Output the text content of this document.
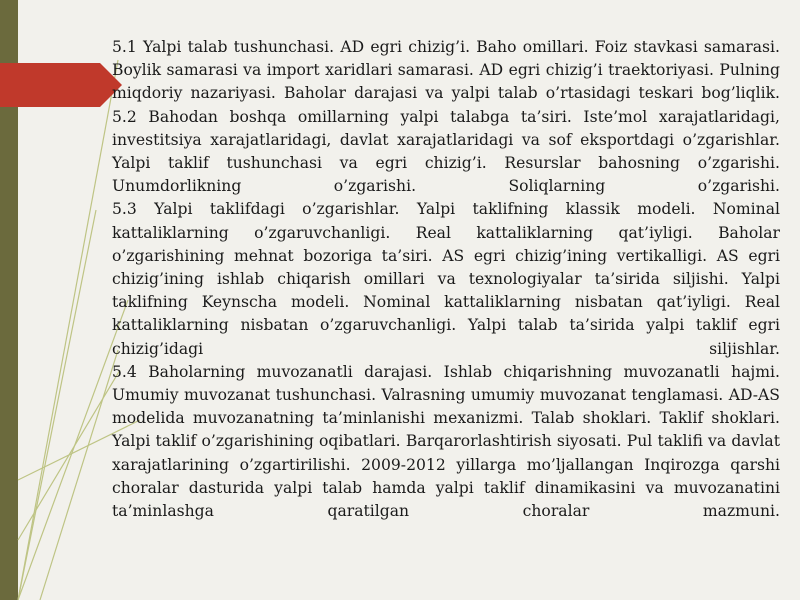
5.1 Yalpi talab tushunchasi. AD egri chizig’i. Baho omillari. Foiz stavkasi samarasi. Boylik samarasi va import xaridlari samarasi. AD egri chizig’i traektoriyasi. Pulning miqdoriy nazariyasi. Baholar darajasi va yalpi talab o’rtasidagi teskari bog’liqlik.

5.2 Bahodan boshqa omillarning yalpi talabga ta’siri. Iste’mol xarajatlaridagi, investitsiya xarajatlaridagi, davlat xarajatlaridagi va sof eksportdagi o’zgarishlar. Yalpi taklif tushunchasi va egri chizig’i. Resurslar bahosning o’zgarishi. Unumdorlikning o’zgarishi. Soliqlarning o’zgarishi.

5.3 Yalpi taklifdagi o’zgarishlar. Yalpi taklifning klassik modeli. Nominal kattaliklarning o’zgaruvchanligi. Real kattaliklarning qat’iyligi. Baholar o’zgarishining mehnat bozoriga ta’siri. AS egri chizig’ining vertikalligi. AS egri chizig’ining ishlab chiqarish omillari va texnologiyalar ta’sirida siljishi. Yalpi taklifning Keynscha modeli. Nominal kattaliklarning nisbatan qat’iyligi. Real kattaliklarning nisbatan o’zgaruvchanligi. Yalpi talab ta’sirida yalpi taklif egri chizig’idagi siljishlar.

5.4 Baholarning muvozanatli darajasi. Ishlab chiqarishning muvozanatli hajmi. Umumiy muvozanat tushunchasi. Valrasning umumiy muvozanat tenglamasi. AD-AS modelida muvozanatning ta’minlanishi mexanizmi. Talab shoklari. Taklif shoklari. Yalpi taklif o’zgarishining oqibatlari. Barqarorlashtirish siyosati. Pul taklifi va davlat xarajatlarining o’zgartirilishi. 2009-2012 yillarga mo’ljallangan Inqirozga qarshi choralar dasturida yalpi talab hamda yalpi taklif dinamikasini va muvozanatini ta’minlashga qaratilgan choralar mazmuni.
